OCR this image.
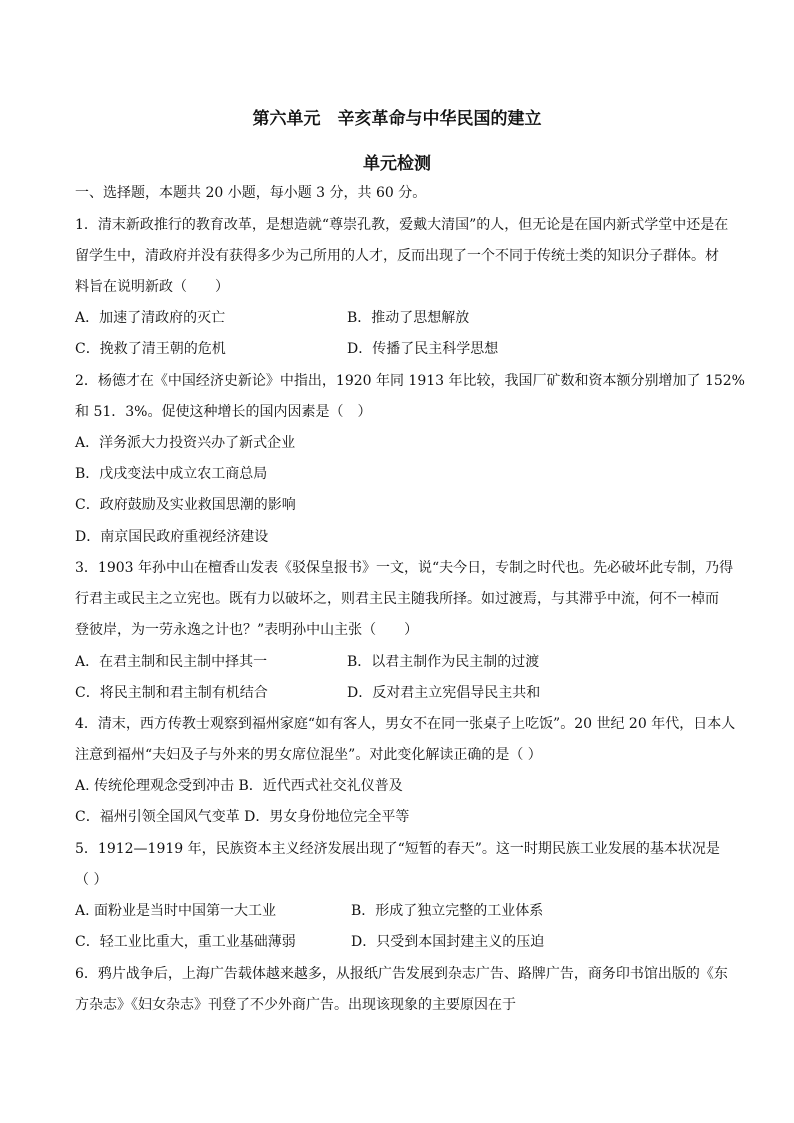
第六单元　辛亥革命与中华民国的建立
单元检测
一、选择题，本题共 20 小题，每小题 3 分，共 60 分。
1．清末新政推行的教育改革，是想造就“尊崇孔教，爱戴大清国”的人，但无论是在国内新式学堂中还是在
留学生中，清政府并没有获得多少为己所用的人才，反而出现了一个不同于传统士类的知识分子群体。材
料旨在说明新政（　　）
A．加速了清政府的灭亡	B．推动了思想解放
C．挽救了清王朝的危机	D．传播了民主科学思想
2．杨德才在《中国经济史新论》中指出，1920 年同 1913 年比较，我国厂矿数和资本额分别增加了 152%
和 51．3%。促使这种增长的国内因素是（　）
A．洋务派大力投资兴办了新式企业
B．戊戌变法中成立农工商总局
C．政府鼓励及实业救国思潮的影响
D．南京国民政府重视经济建设
3．1903 年孙中山在檀香山发表《驳保皇报书》一文，说“夫今日，专制之时代也。先必破坏此专制，乃得
行君主或民主之立宪也。既有力以破坏之，则君主民主随我所择。如过渡焉，与其滞乎中流，何不一棹而
登彼岸，为一劳永逸之计也？”表明孙中山主张（　　）
A．在君主制和民主制中择其一	B．以君主制作为民主制的过渡
C．将民主制和君主制有机结合	D．反对君主立宪倡导民主共和
4．清末，西方传教士观察到福州家庭“如有客人，男女不在同一张桌子上吃饭”。20 世纪 20 年代，日本人
注意到福州“夫妇及子与外来的男女席位混坐”。对此变化解读正确的是（ ）
A. 传统伦理观念受到冲击 B．近代西式社交礼仪普及
C．福州引领全国风气变革 D．男女身份地位完全平等
5．1912—1919 年，民族资本主义经济发展出现了“短暂的春天”。这一时期民族工业发展的基本状况是
（ ）
A. 面粉业是当时中国第一大工业	B．形成了独立完整的工业体系
C．轻工业比重大，重工业基础薄弱	D．只受到本国封建主义的压迫
6．鸦片战争后，上海广告载体越来越多，从报纸广告发展到杂志广告、路牌广告，商务印书馆出版的《东
方杂志》《妇女杂志》刊登了不少外商广告。出现该现象的主要原因在于
